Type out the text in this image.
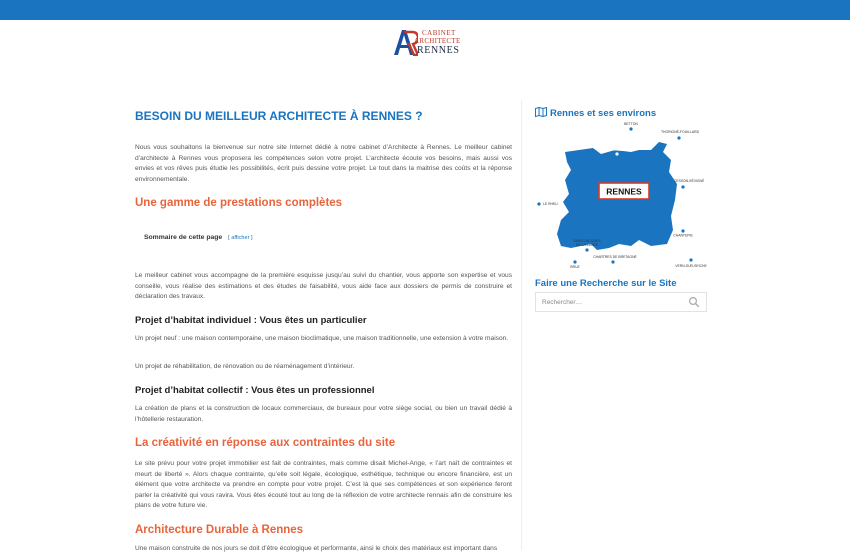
CABINET
ARCHITECTE
RENNES
BESOIN DU MEILLEUR ARCHITECTE À RENNES ?

Nous vous souhaitons la bienvenue sur notre site Internet dédié à notre cabinet d’Architecte à Rennes. Le meilleur cabinet d’architecte à Rennes vous proposera les compétences selon votre projet. L’architecte écoute vos besoins, mais aussi vos envies et vos rêves puis étudie les possibilités, écrit puis dessine votre projet. Le tout dans la maitrise des coûts et la réponse environnementale.

Une gamme de prestations complètes
Sommaire de cette page [ afficher ]

Le meilleur cabinet vous accompagne de la première esquisse jusqu’au suivi du chantier, vous apporte son expertise et vous conseille, vous réalise des estimations et des études de faisabilité, vous aide face aux dossiers de permis de construire et déclaration des travaux.

Projet d’habitat individuel : Vous êtes un particulier

Un projet neuf : une maison contemporaine, une maison bioclimatique, une maison traditionnelle, une extension à votre maison.

Un projet de réhabilitation, de rénovation ou de réaménagement d’intérieur.

Projet d’habitat collectif : Vous êtes un professionnel

La création de plans et la construction de locaux commerciaux, de bureaux pour votre siège social, ou bien un travail dédié à l’hôtellerie restauration.

La créativité en réponse aux contraintes du site

Le site prévu pour votre projet immobilier est fait de contraintes, mais comme disait Michel-Ange, « l’art naît de contraintes et meurt de liberté ». Alors chaque contrainte, qu’elle soit légale, écologique, esthétique, technique ou encore financière, est un élément que votre architecte va prendre en compte pour votre projet. C’est là que ses compétences et son expérience feront parler la créativité qui vous ravira. Vous êtes écouté tout au long de la réflexion de votre architecte rennais afin de construire les plans de votre future vie.

Architecture Durable à Rennes

Une maison construite de nos jours se doit d’être écologique et performante, ainsi le choix des matériaux est important dans

Rennes et ses environs
RENNES
BETTON
THORIGNÉ-FOUILLARD
SAINT-GRÉGOIRE
CESSON-SÉVIGNÉ
LE RHEU
CHANTEPIE
SAINT-JACQUES
DE-LA-LANDE
CHARTRES DE BRETAGNE
BRUZ	VERN-SUR-SEICHE
Faire une Recherche sur le Site
Rechercher…
